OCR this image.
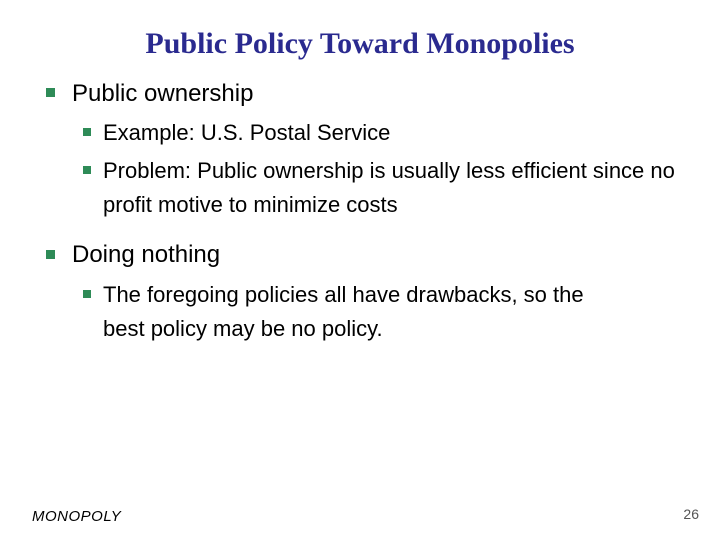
Public Policy Toward Monopolies
Public ownership
Example: U.S. Postal Service
Problem: Public ownership is usually less efficient since no profit motive to minimize costs
Doing nothing
The foregoing policies all have drawbacks, so the best policy may be no policy.
MONOPOLY	26
